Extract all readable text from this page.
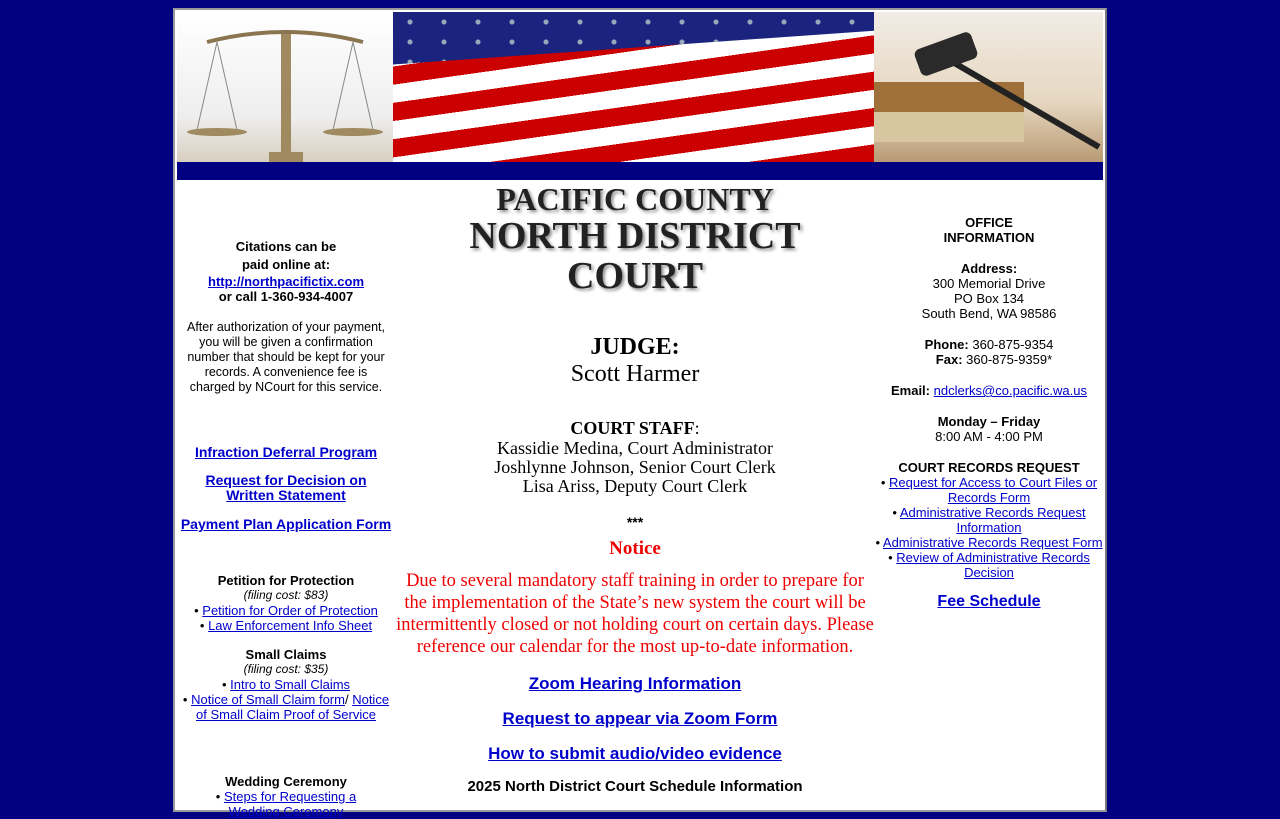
Citations can be
paid online at:
http://northpacifictix.com
or call 1-360-934-4007
After authorization of your payment, you will be given a confirmation number that should be kept for your records. A convenience fee is charged by NCourt for this service.
Infraction Deferral Program
Request for Decision on Written Statement
Payment Plan Application Form
Petition for Protection
(filing cost: $83)
• Petition for Order of Protection
• Law Enforcement Info Sheet
Small Claims
(filing cost: $35)
• Intro to Small Claims
• Notice of Small Claim form/ Notice of Small Claim Proof of Service
Wedding Ceremony
• Steps for Requesting a Wedding Ceremony
PACIFIC COUNTY
NORTH DISTRICT
COURT
JUDGE:
Scott Harmer
COURT STAFF:
Kassidie Medina, Court Administrator
Joshlynne Johnson, Senior Court Clerk
Lisa Ariss, Deputy Court Clerk
***
Notice
Due to several mandatory staff training in order to prepare for the implementation of the State’s new system the court will be intermittently closed or not holding court on certain days. Please reference our calendar for the most up-to-date information.
Zoom Hearing Information
Request to appear via Zoom Form
How to submit audio/video evidence
2025 North District Court Schedule Information
OFFICE
INFORMATION
Address:
300 Memorial Drive
PO Box 134
South Bend, WA 98586
Phone: 360-875-9354
Fax: 360-875-9359*
Email: ndclerks@co.pacific.wa.us
Monday – Friday
8:00 AM - 4:00 PM
COURT RECORDS REQUEST
• Request for Access to Court Files or Records Form
• Administrative Records Request Information
• Administrative Records Request Form
• Review of Administrative Records Decision
Fee Schedule
